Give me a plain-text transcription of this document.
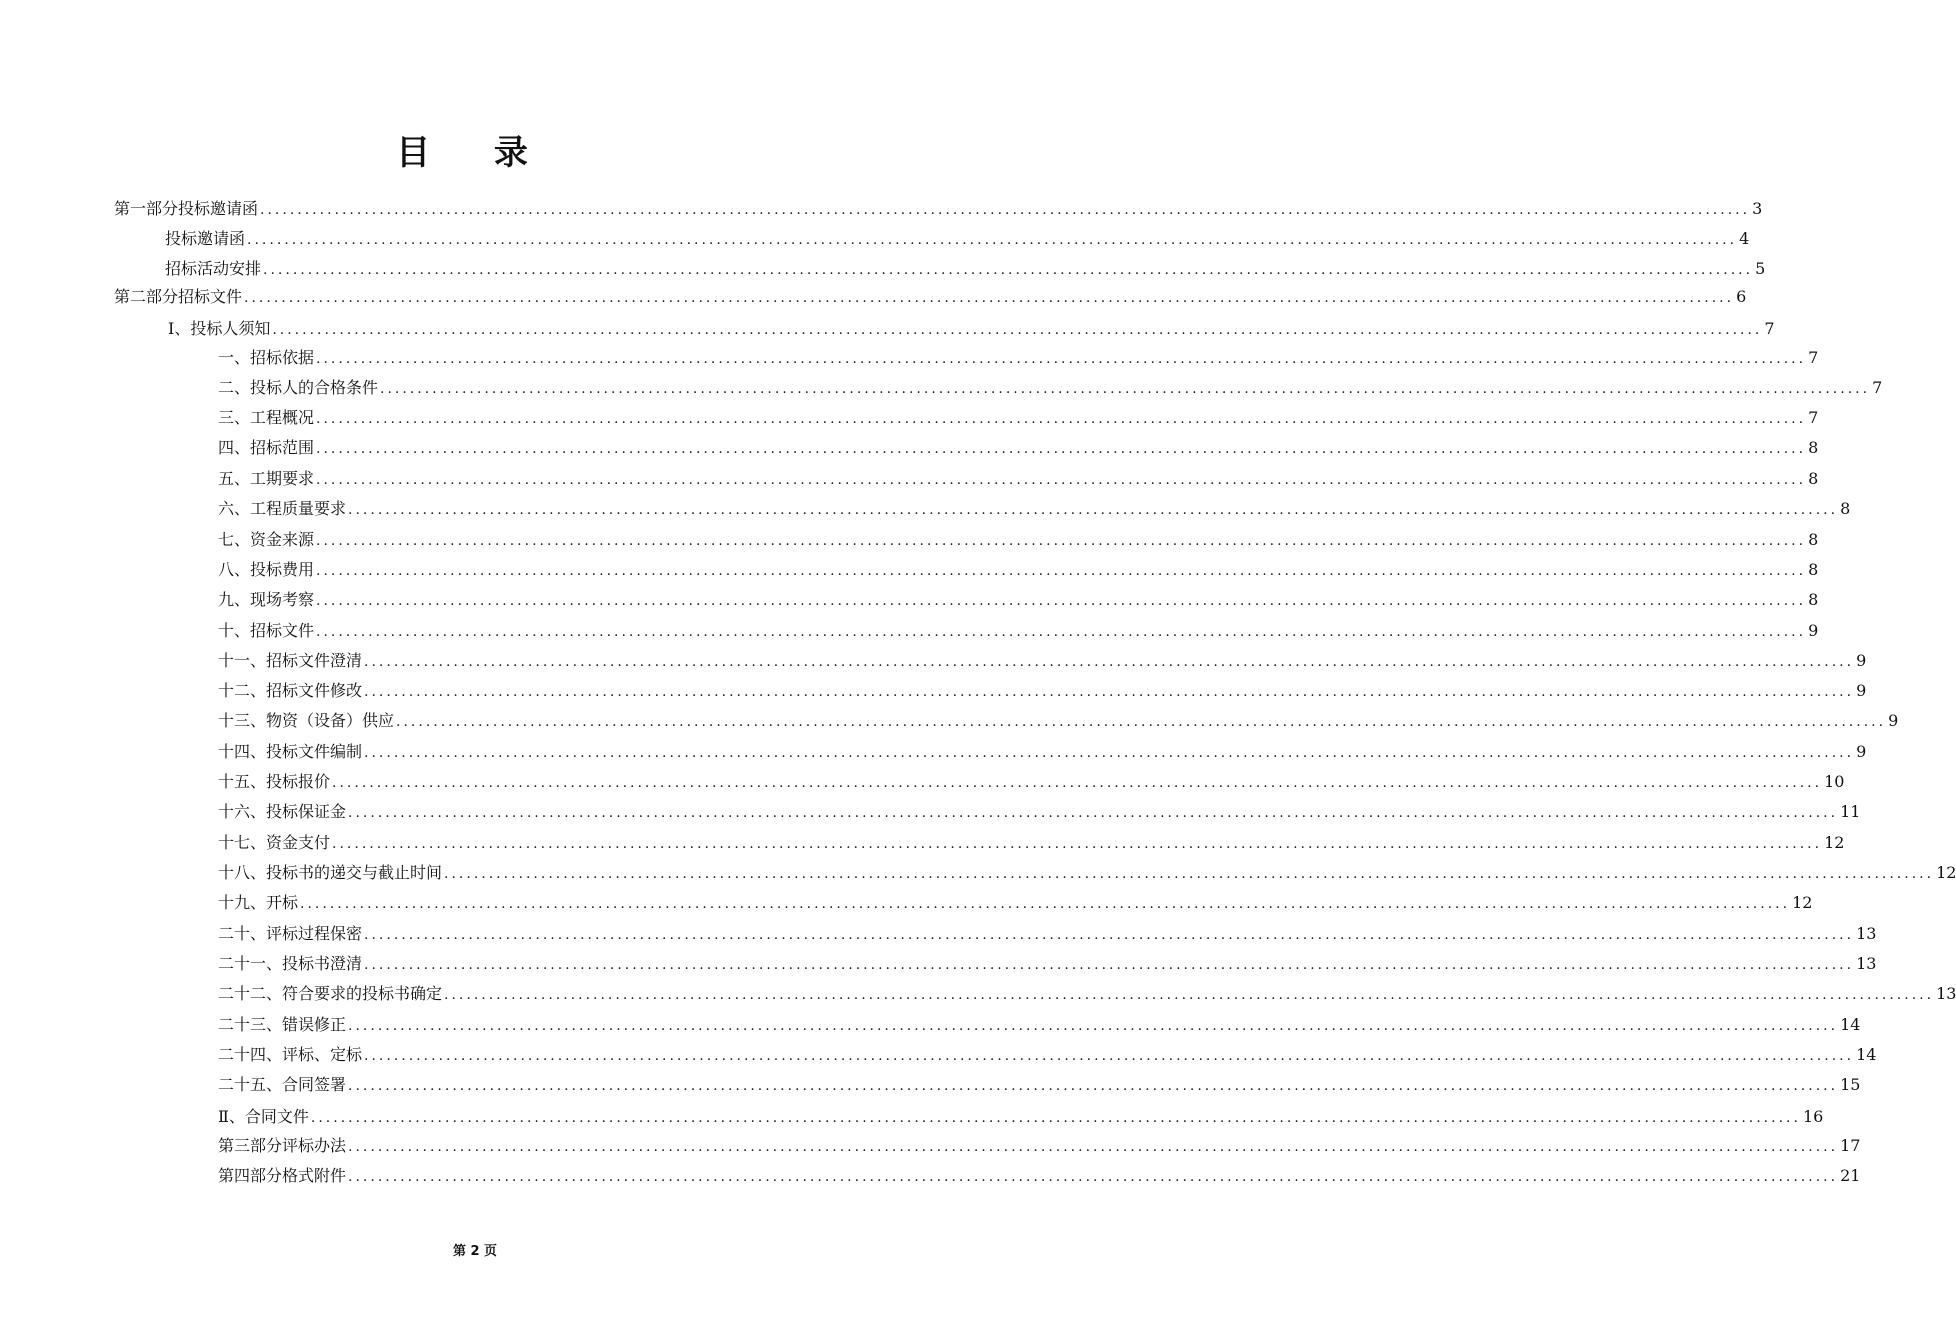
目 录
第一部分投标邀请函 ........................................................................................................................................................................................................ 3
投标邀请函 ........................................................................................................................................................................................................ 4
招标活动安排 ........................................................................................................................................................................................................ 5
第二部分招标文件 ........................................................................................................................................................................................................ 6
Ⅰ、投标人须知 ........................................................................................................................................................................................................ 7
一、招标依据 ........................................................................................................................................................................................................ 7
二、投标人的合格条件 ........................................................................................................................................................................................................ 7
三、工程概况 ........................................................................................................................................................................................................ 7
四、招标范围 ........................................................................................................................................................................................................ 8
五、工期要求 ........................................................................................................................................................................................................ 8
六、工程质量要求 ........................................................................................................................................................................................................ 8
七、资金来源 ........................................................................................................................................................................................................ 8
八、投标费用 ........................................................................................................................................................................................................ 8
九、现场考察 ........................................................................................................................................................................................................ 8
十、招标文件 ........................................................................................................................................................................................................ 9
十一、招标文件澄清 ........................................................................................................................................................................................................ 9
十二、招标文件修改 ........................................................................................................................................................................................................ 9
十三、物资（设备）供应 ........................................................................................................................................................................................................ 9
十四、投标文件编制 ........................................................................................................................................................................................................ 9
十五、投标报价 ........................................................................................................................................................................................................ 10
十六、投标保证金 ........................................................................................................................................................................................................ 11
十七、资金支付 ........................................................................................................................................................................................................ 12
十八、投标书的递交与截止时间 ........................................................................................................................................................................................................ 12
十九、开标 ........................................................................................................................................................................................................ 12
二十、评标过程保密 ........................................................................................................................................................................................................ 13
二十一、投标书澄清 ........................................................................................................................................................................................................ 13
二十二、符合要求的投标书确定 ........................................................................................................................................................................................................ 13
二十三、错误修正 ........................................................................................................................................................................................................ 14
二十四、评标、定标 ........................................................................................................................................................................................................ 14
二十五、合同签署 ........................................................................................................................................................................................................ 15
Ⅱ、合同文件 ........................................................................................................................................................................................................ 16
第三部分评标办法 ........................................................................................................................................................................................................ 17
第四部分格式附件 ........................................................................................................................................................................................................ 21
第 2 页
